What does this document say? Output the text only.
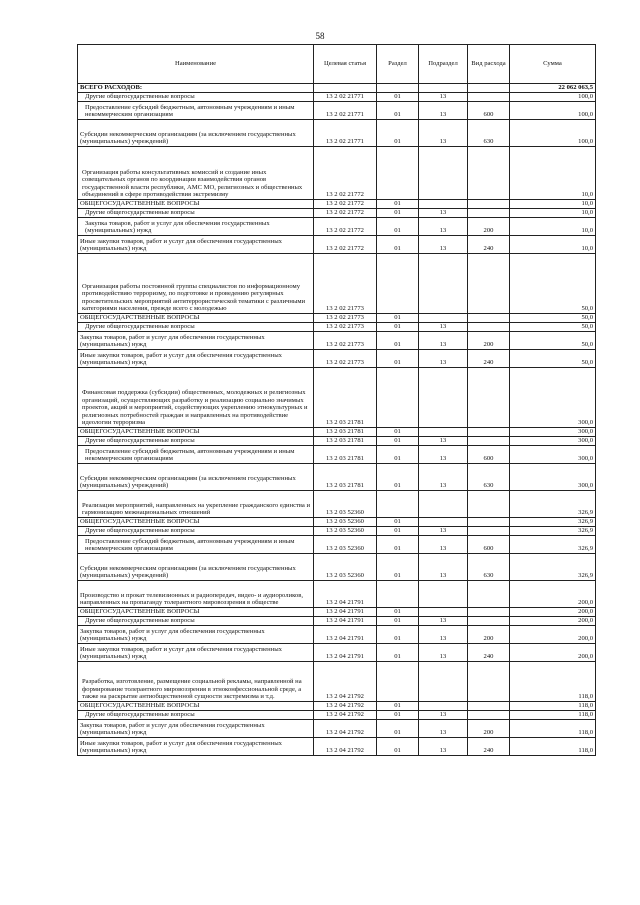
58
Наименование	Целевая статья	Раздел	Подраздел	Вид расхода	Сумма
ВСЕГО РАСХОДОВ:					22 062 063,5
Другие общегосударственные вопросы	13 2 02 21771	01	13		100,0
Предоставление субсидий бюджетным, автономным учреждениям и иным некоммерческим организациям	13 2 02 21771	01	13	600	100,0
Субсидии некоммерческим организациям (за исключением государственных (муниципальных) учреждений)	13 2 02 21771	01	13	630	100,0
Организация работы консультативных комиссий и создание иных совещательных органов по координации взаимодействия органов государственной власти республики, АМС МО, религиозных и общественных объединений в сфере противодействия экстремизму	13 2 02 21772				10,0
ОБЩЕГОСУДАРСТВЕННЫЕ ВОПРОСЫ	13 2 02 21772	01			10,0
Другие общегосударственные вопросы	13 2 02 21772	01	13		10,0
Закупка товаров, работ и услуг для обеспечения государственных (муниципальных) нужд	13 2 02 21772	01	13	200	10,0
Иные закупки товаров, работ и услуг для обеспечения государственных (муниципальных) нужд	13 2 02 21772	01	13	240	10,0
Организация работы постоянной группы специалистов по информационному противодействию терроризму, по подготовке и проведению регулярных просветительских мероприятий антитеррористической тематики с различными категориями населения, прежде всего с молодежью	13 2 02 21773				50,0
ОБЩЕГОСУДАРСТВЕННЫЕ ВОПРОСЫ	13 2 02 21773	01			50,0
Другие общегосударственные вопросы	13 2 02 21773	01	13		50,0
Закупка товаров, работ и услуг для обеспечения государственных (муниципальных) нужд	13 2 02 21773	01	13	200	50,0
Иные закупки товаров, работ и услуг для обеспечения государственных (муниципальных) нужд	13 2 02 21773	01	13	240	50,0
Финансовая поддержка (субсидии) общественных, молодежных и религиозных организаций, осуществляющих разработку и реализацию социально значимых проектов, акций и мероприятий, содействующих укреплению этнокультурных и религиозных потребностей граждан и направленных на противодействие идеологии терроризма	13 2 03 21781				300,0
ОБЩЕГОСУДАРСТВЕННЫЕ ВОПРОСЫ	13 2 03 21781	01			300,0
Другие общегосударственные вопросы	13 2 03 21781	01	13		300,0
Предоставление субсидий бюджетным, автономным учреждениям и иным некоммерческим организациям	13 2 03 21781	01	13	600	300,0
Субсидии некоммерческим организациям (за исключением государственных (муниципальных) учреждений)	13 2 03 21781	01	13	630	300,0
Реализация мероприятий, направленных на укрепление гражданского единства и гармонизацию межнациональных отношений	13 2 03 52360				326,9
ОБЩЕГОСУДАРСТВЕННЫЕ ВОПРОСЫ	13 2 03 52360	01			326,9
Другие общегосударственные вопросы	13 2 03 52360	01	13		326,9
Предоставление субсидий бюджетным, автономным учреждениям и иным некоммерческим организациям	13 2 03 52360	01	13	600	326,9
Субсидии некоммерческим организациям (за исключением государственных (муниципальных) учреждений)	13 2 03 52360	01	13	630	326,9
Производство и прокат телевизионных и радиопередач, видео- и аудиороликов, направленных на пропаганду толерантного мировоззрения в обществе	13 2 04 21791				200,0
ОБЩЕГОСУДАРСТВЕННЫЕ ВОПРОСЫ	13 2 04 21791	01			200,0
Другие общегосударственные вопросы	13 2 04 21791	01	13		200,0
Закупка товаров, работ и услуг для обеспечения государственных (муниципальных) нужд	13 2 04 21791	01	13	200	200,0
Иные закупки товаров, работ и услуг для обеспечения государственных (муниципальных) нужд	13 2 04 21791	01	13	240	200,0
Разработка, изготовление, размещение социальной рекламы, направленной на формирование толерантного мировоззрения в этноконфессиональной среде, а также на раскрытие антиобщественной сущности экстремизма и т.д.	13 2 04 21792				118,0
ОБЩЕГОСУДАРСТВЕННЫЕ ВОПРОСЫ	13 2 04 21792	01			118,0
Другие общегосударственные вопросы	13 2 04 21792	01	13		118,0
Закупка товаров, работ и услуг для обеспечения государственных (муниципальных) нужд	13 2 04 21792	01	13	200	118,0
Иные закупки товаров, работ и услуг для обеспечения государственных (муниципальных) нужд	13 2 04 21792	01	13	240	118,0
